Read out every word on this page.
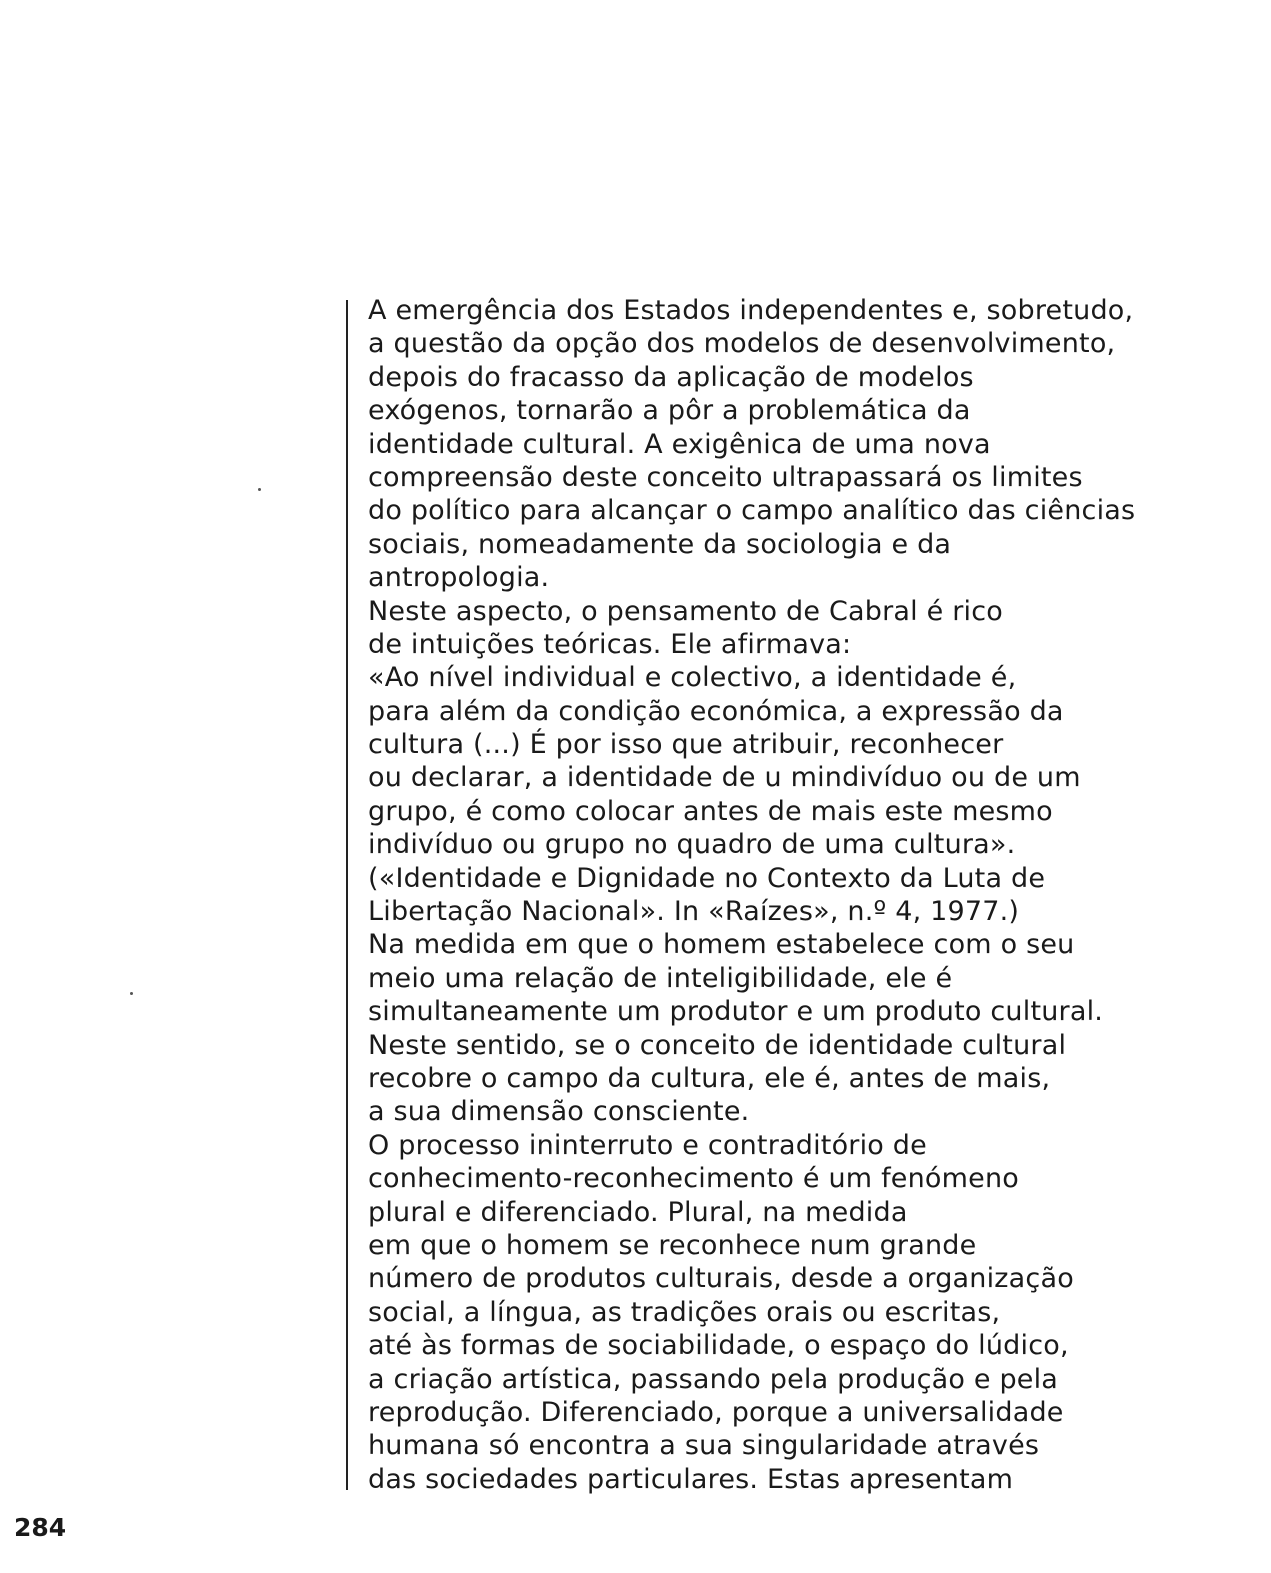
A emergência dos Estados independentes e, sobretudo,
a questão da opção dos modelos de desenvolvimento,
depois do fracasso da aplicação de modelos
exógenos, tornarão a pôr a problemática da
identidade cultural. A exigênica de uma nova
compreensão deste conceito ultrapassará os limites
do político para alcançar o campo analítico das ciências
sociais, nomeadamente da sociologia e da
antropologia.
Neste aspecto, o pensamento de Cabral é rico
de intuições teóricas. Ele afirmava:
«Ao nível individual e colectivo, a identidade é,
para além da condição económica, a expressão da
cultura (...) É por isso que atribuir, reconhecer
ou declarar, a identidade de u mindivíduo ou de um
grupo, é como colocar antes de mais este mesmo
indivíduo ou grupo no quadro de uma cultura».
(«Identidade e Dignidade no Contexto da Luta de
Libertação Nacional». In «Raízes», n.º 4, 1977.)
Na medida em que o homem estabelece com o seu
meio uma relação de inteligibilidade, ele é
simultaneamente um produtor e um produto cultural.
Neste sentido, se o conceito de identidade cultural
recobre o campo da cultura, ele é, antes de mais,
a sua dimensão consciente.
O processo ininterruto e contraditório de
conhecimento-reconhecimento é um fenómeno
plural e diferenciado. Plural, na medida
em que o homem se reconhece num grande
número de produtos culturais, desde a organização
social, a língua, as tradições orais ou escritas,
até às formas de sociabilidade, o espaço do lúdico,
a criação artística, passando pela produção e pela
reprodução. Diferenciado, porque a universalidade
humana só encontra a sua singularidade através
das sociedades particulares. Estas apresentam
284
